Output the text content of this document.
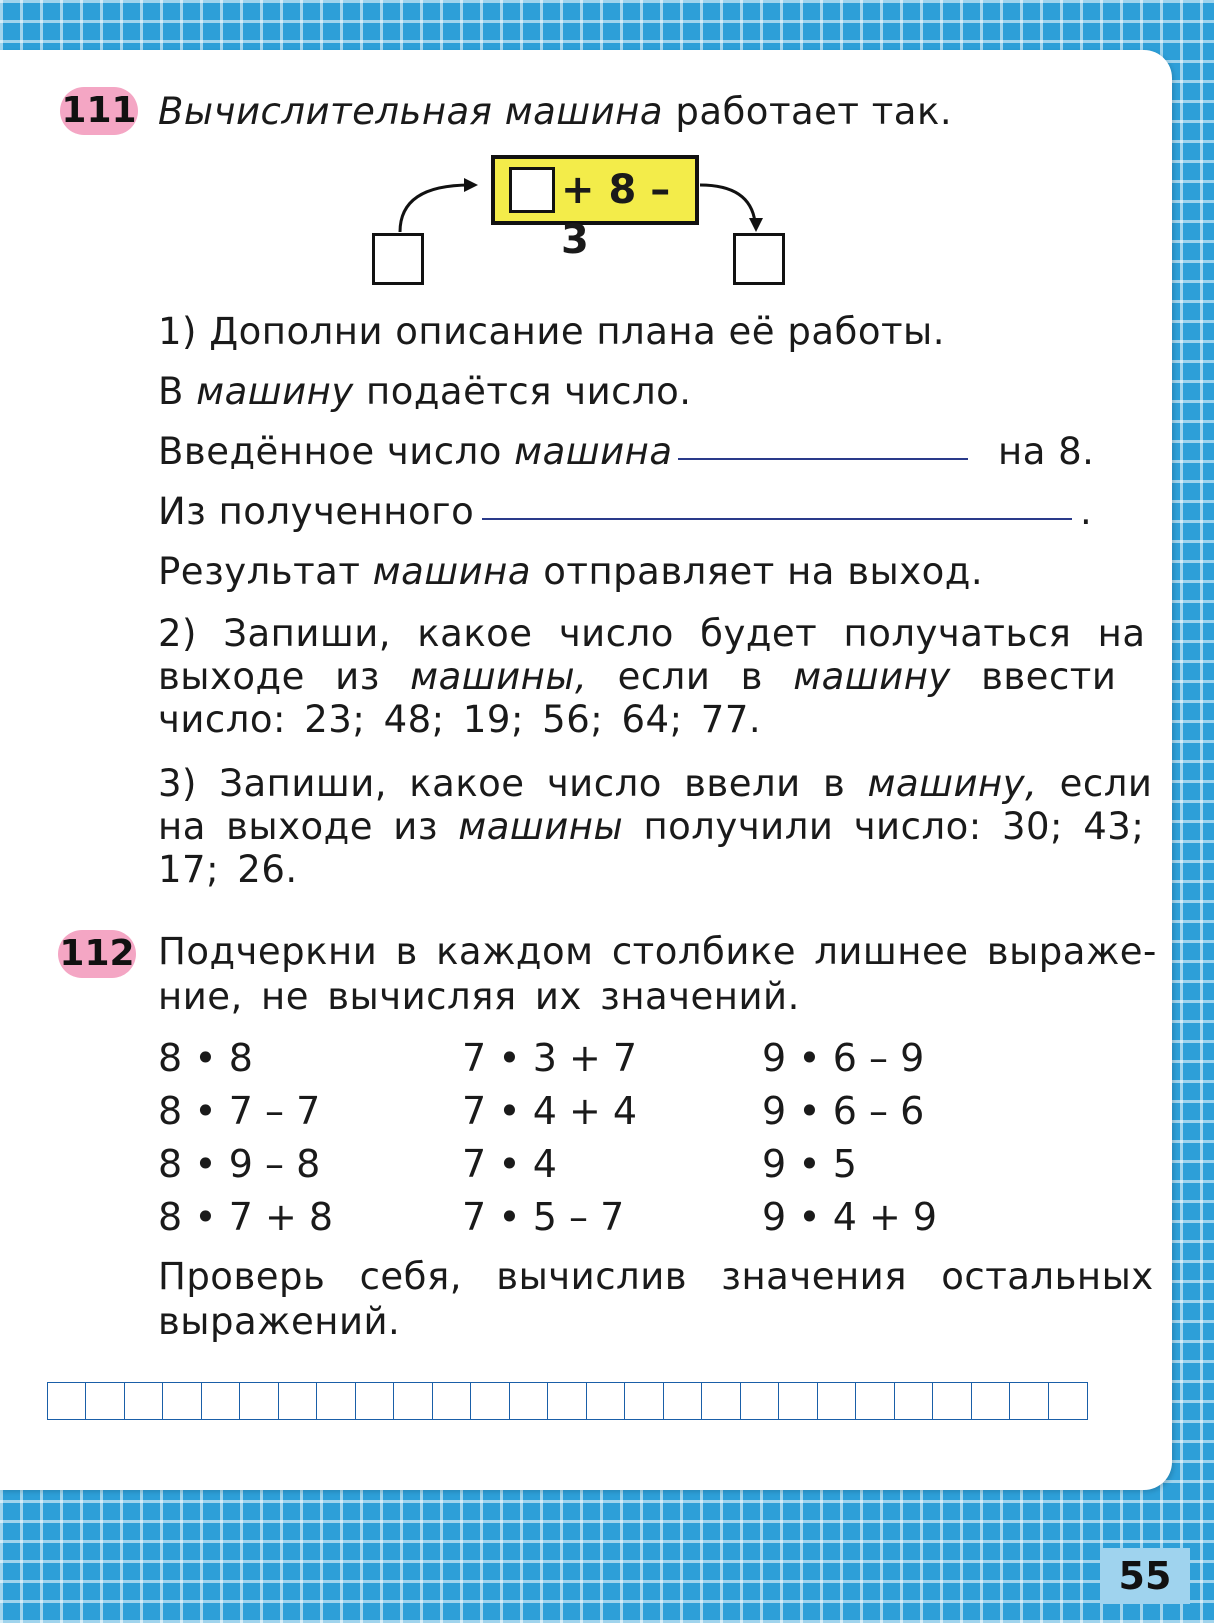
111 Вычислительная машина работает так.
+ 8 – 3
1) Дополни описание плана её работы.
В машину подаётся число.
Введённое число машина	на 8.
Из полученного	.
Результат машина отправляет на выход.
2) Запиши, какое число будет получаться на
выходе из машины, если в машину ввести
число: 23; 48; 19; 56; 64; 77.
3) Запиши, какое число ввели в машину, если
на выходе из машины получили число: 30; 43;
17; 26.
112 Подчеркни в каждом столбике лишнее выраже-
ние, не вычисляя их значений.
8 • 8
8 • 7 – 7
8 • 9 – 8
8 • 7 + 8
7 • 3 + 7
7 • 4 + 4
7 • 4
7 • 5 – 7
9 • 6 – 9
9 • 6 – 6
9 • 5
9 • 4 + 9
Проверь себя, вычислив значения остальных
выражений.
55
